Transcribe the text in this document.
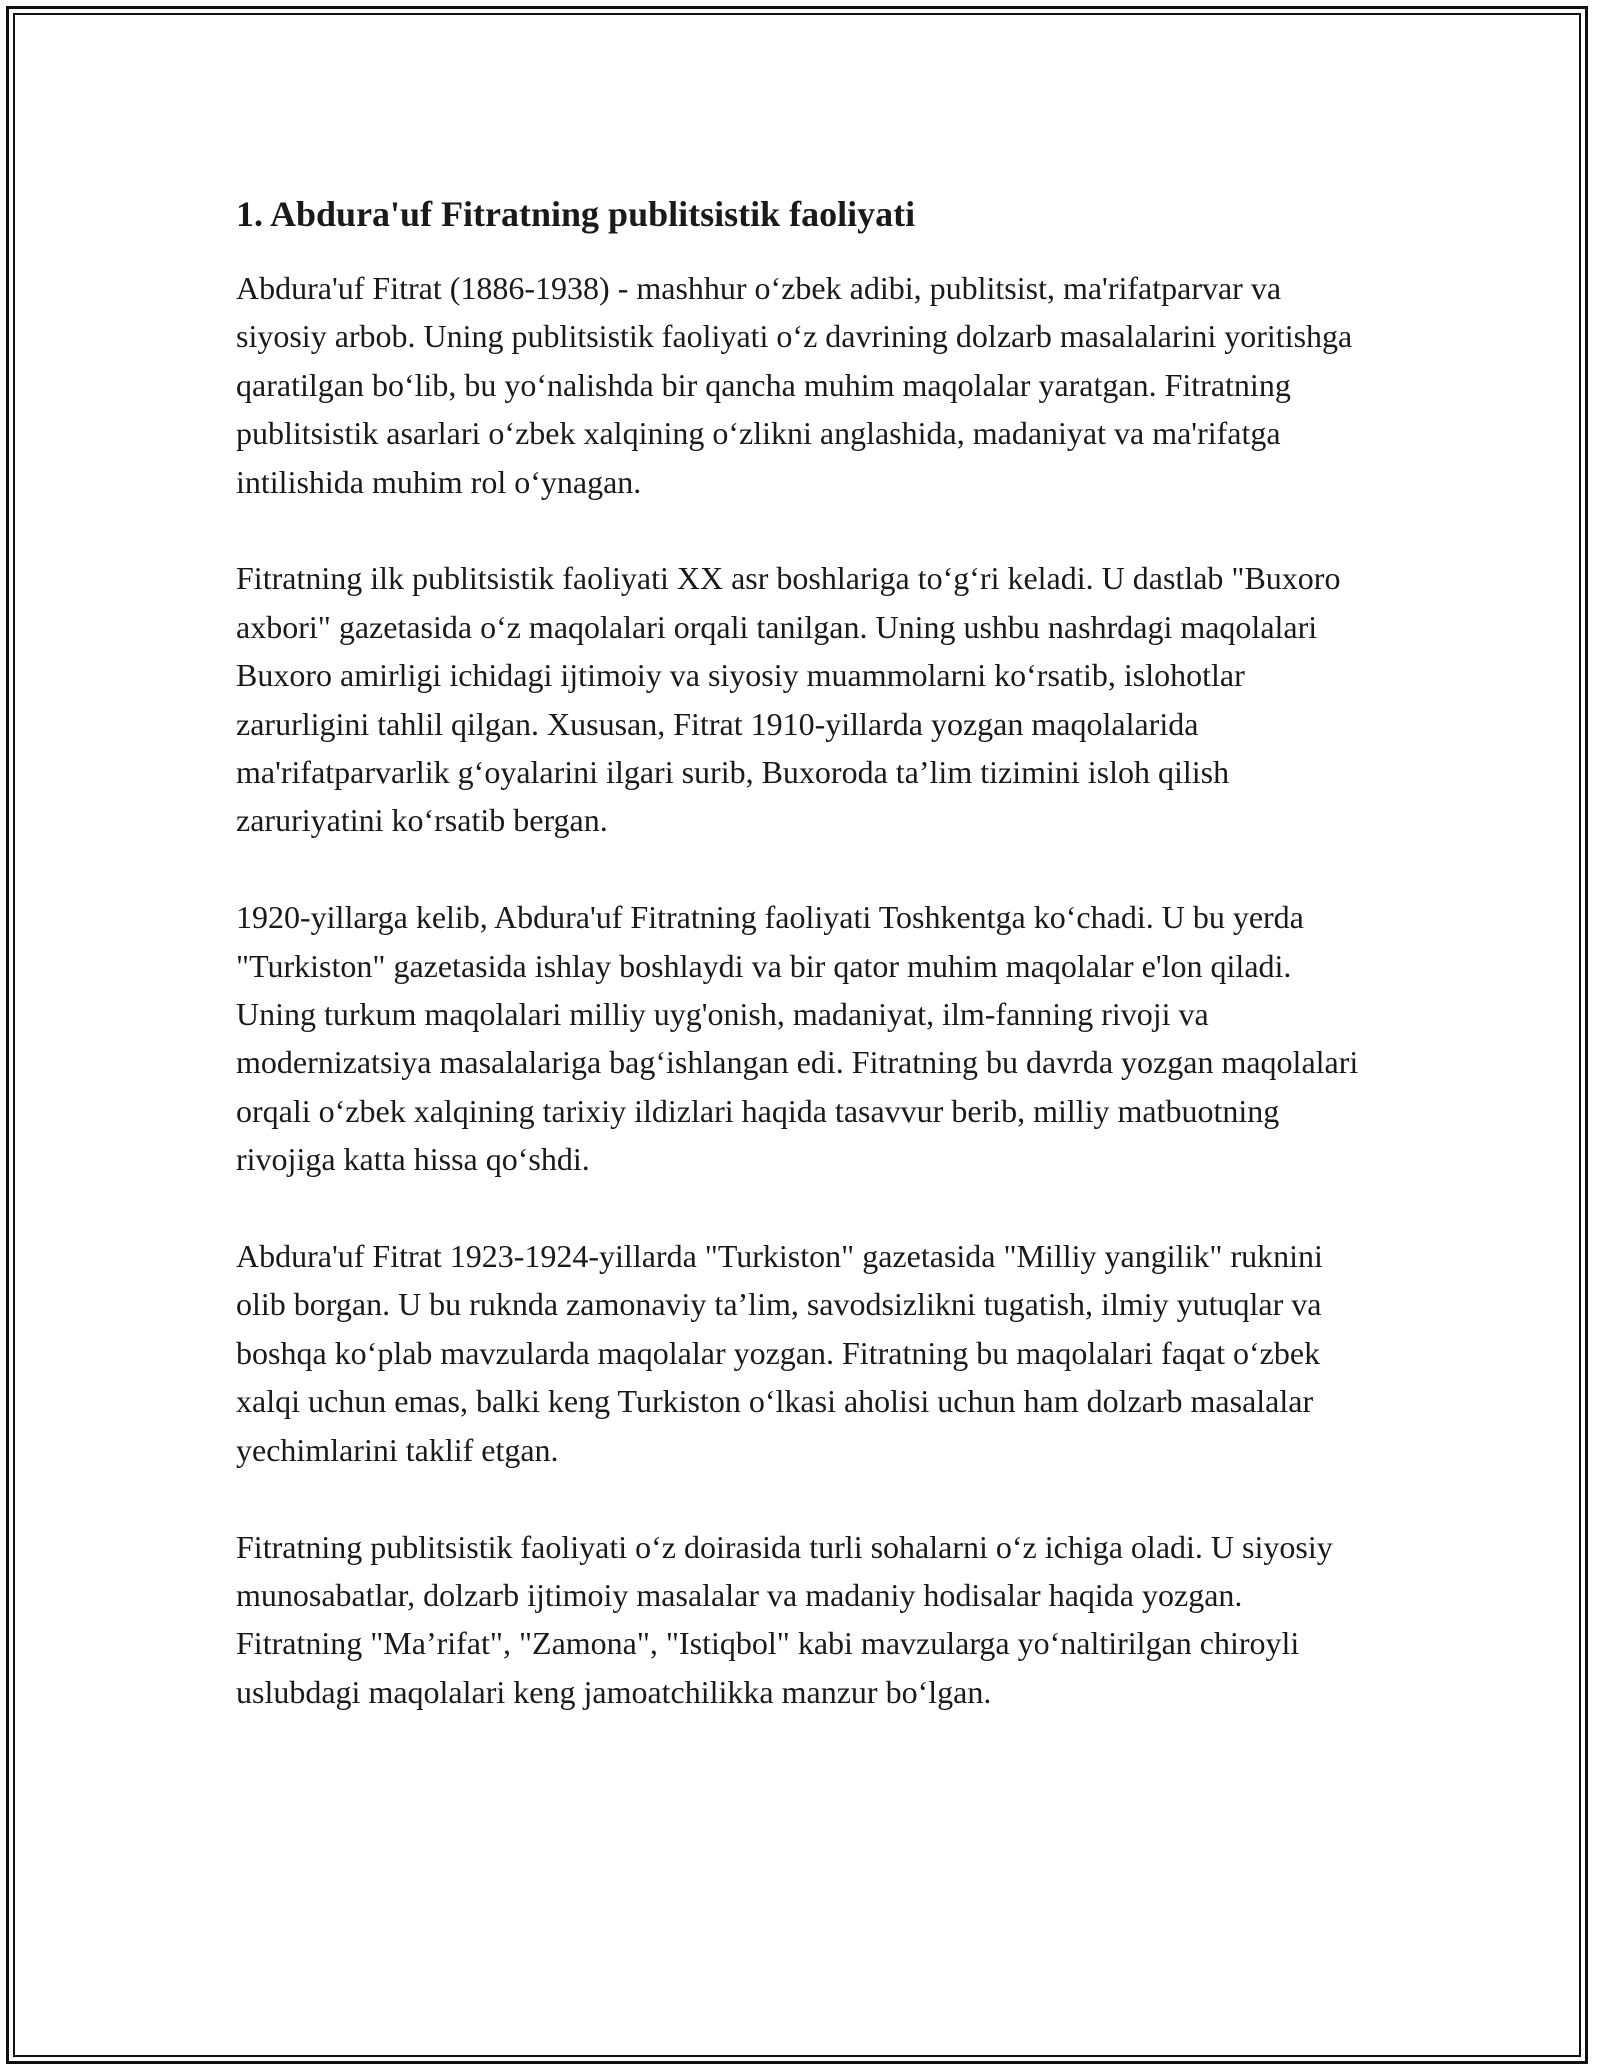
1. Abdura'uf Fitratning publitsistik faoliyati

Abdura'uf Fitrat (1886-1938) - mashhur oʻzbek adibi, publitsist, ma'rifatparvar va siyosiy arbob. Uning publitsistik faoliyati oʻz davrining dolzarb masalalarini yoritishga qaratilgan boʻlib, bu yoʻnalishda bir qancha muhim maqolalar yaratgan. Fitratning publitsistik asarlari oʻzbek xalqining oʻzlikni anglashida, madaniyat va ma'rifatga intilishida muhim rol oʻynagan.

Fitratning ilk publitsistik faoliyati XX asr boshlariga toʻgʻri keladi. U dastlab "Buxoro axbori" gazetasida oʻz maqolalari orqali tanilgan. Uning ushbu nashrdagi maqolalari Buxoro amirligi ichidagi ijtimoiy va siyosiy muammolarni koʻrsatib, islohotlar zarurligini tahlil qilgan. Xususan, Fitrat 1910-yillarda yozgan maqolalarida ma'rifatparvarlik gʻoyalarini ilgari surib, Buxoroda ta’lim tizimini isloh qilish zaruriyatini koʻrsatib bergan.

1920-yillarga kelib, Abdura'uf Fitratning faoliyati Toshkentga koʻchadi. U bu yerda "Turkiston" gazetasida ishlay boshlaydi va bir qator muhim maqolalar e'lon qiladi. Uning turkum maqolalari milliy uyg'onish, madaniyat, ilm-fanning rivoji va modernizatsiya masalalariga bagʻishlangan edi. Fitratning bu davrda yozgan maqolalari orqali oʻzbek xalqining tarixiy ildizlari haqida tasavvur berib, milliy matbuotning rivojiga katta hissa qoʻshdi.

Abdura'uf Fitrat 1923-1924-yillarda "Turkiston" gazetasida "Milliy yangilik" ruknini olib borgan. U bu ruknda zamonaviy ta’lim, savodsizlikni tugatish, ilmiy yutuqlar va boshqa koʻplab mavzularda maqolalar yozgan. Fitratning bu maqolalari faqat oʻzbek xalqi uchun emas, balki keng Turkiston oʻlkasi aholisi uchun ham dolzarb masalalar yechimlarini taklif etgan.

Fitratning publitsistik faoliyati oʻz doirasida turli sohalarni oʻz ichiga oladi. U siyosiy munosabatlar, dolzarb ijtimoiy masalalar va madaniy hodisalar haqida yozgan. Fitratning "Ma’rifat", "Zamona", "Istiqbol" kabi mavzularga yoʻnaltirilgan chiroyli uslubdagi maqolalari keng jamoatchilikka manzur boʻlgan.
